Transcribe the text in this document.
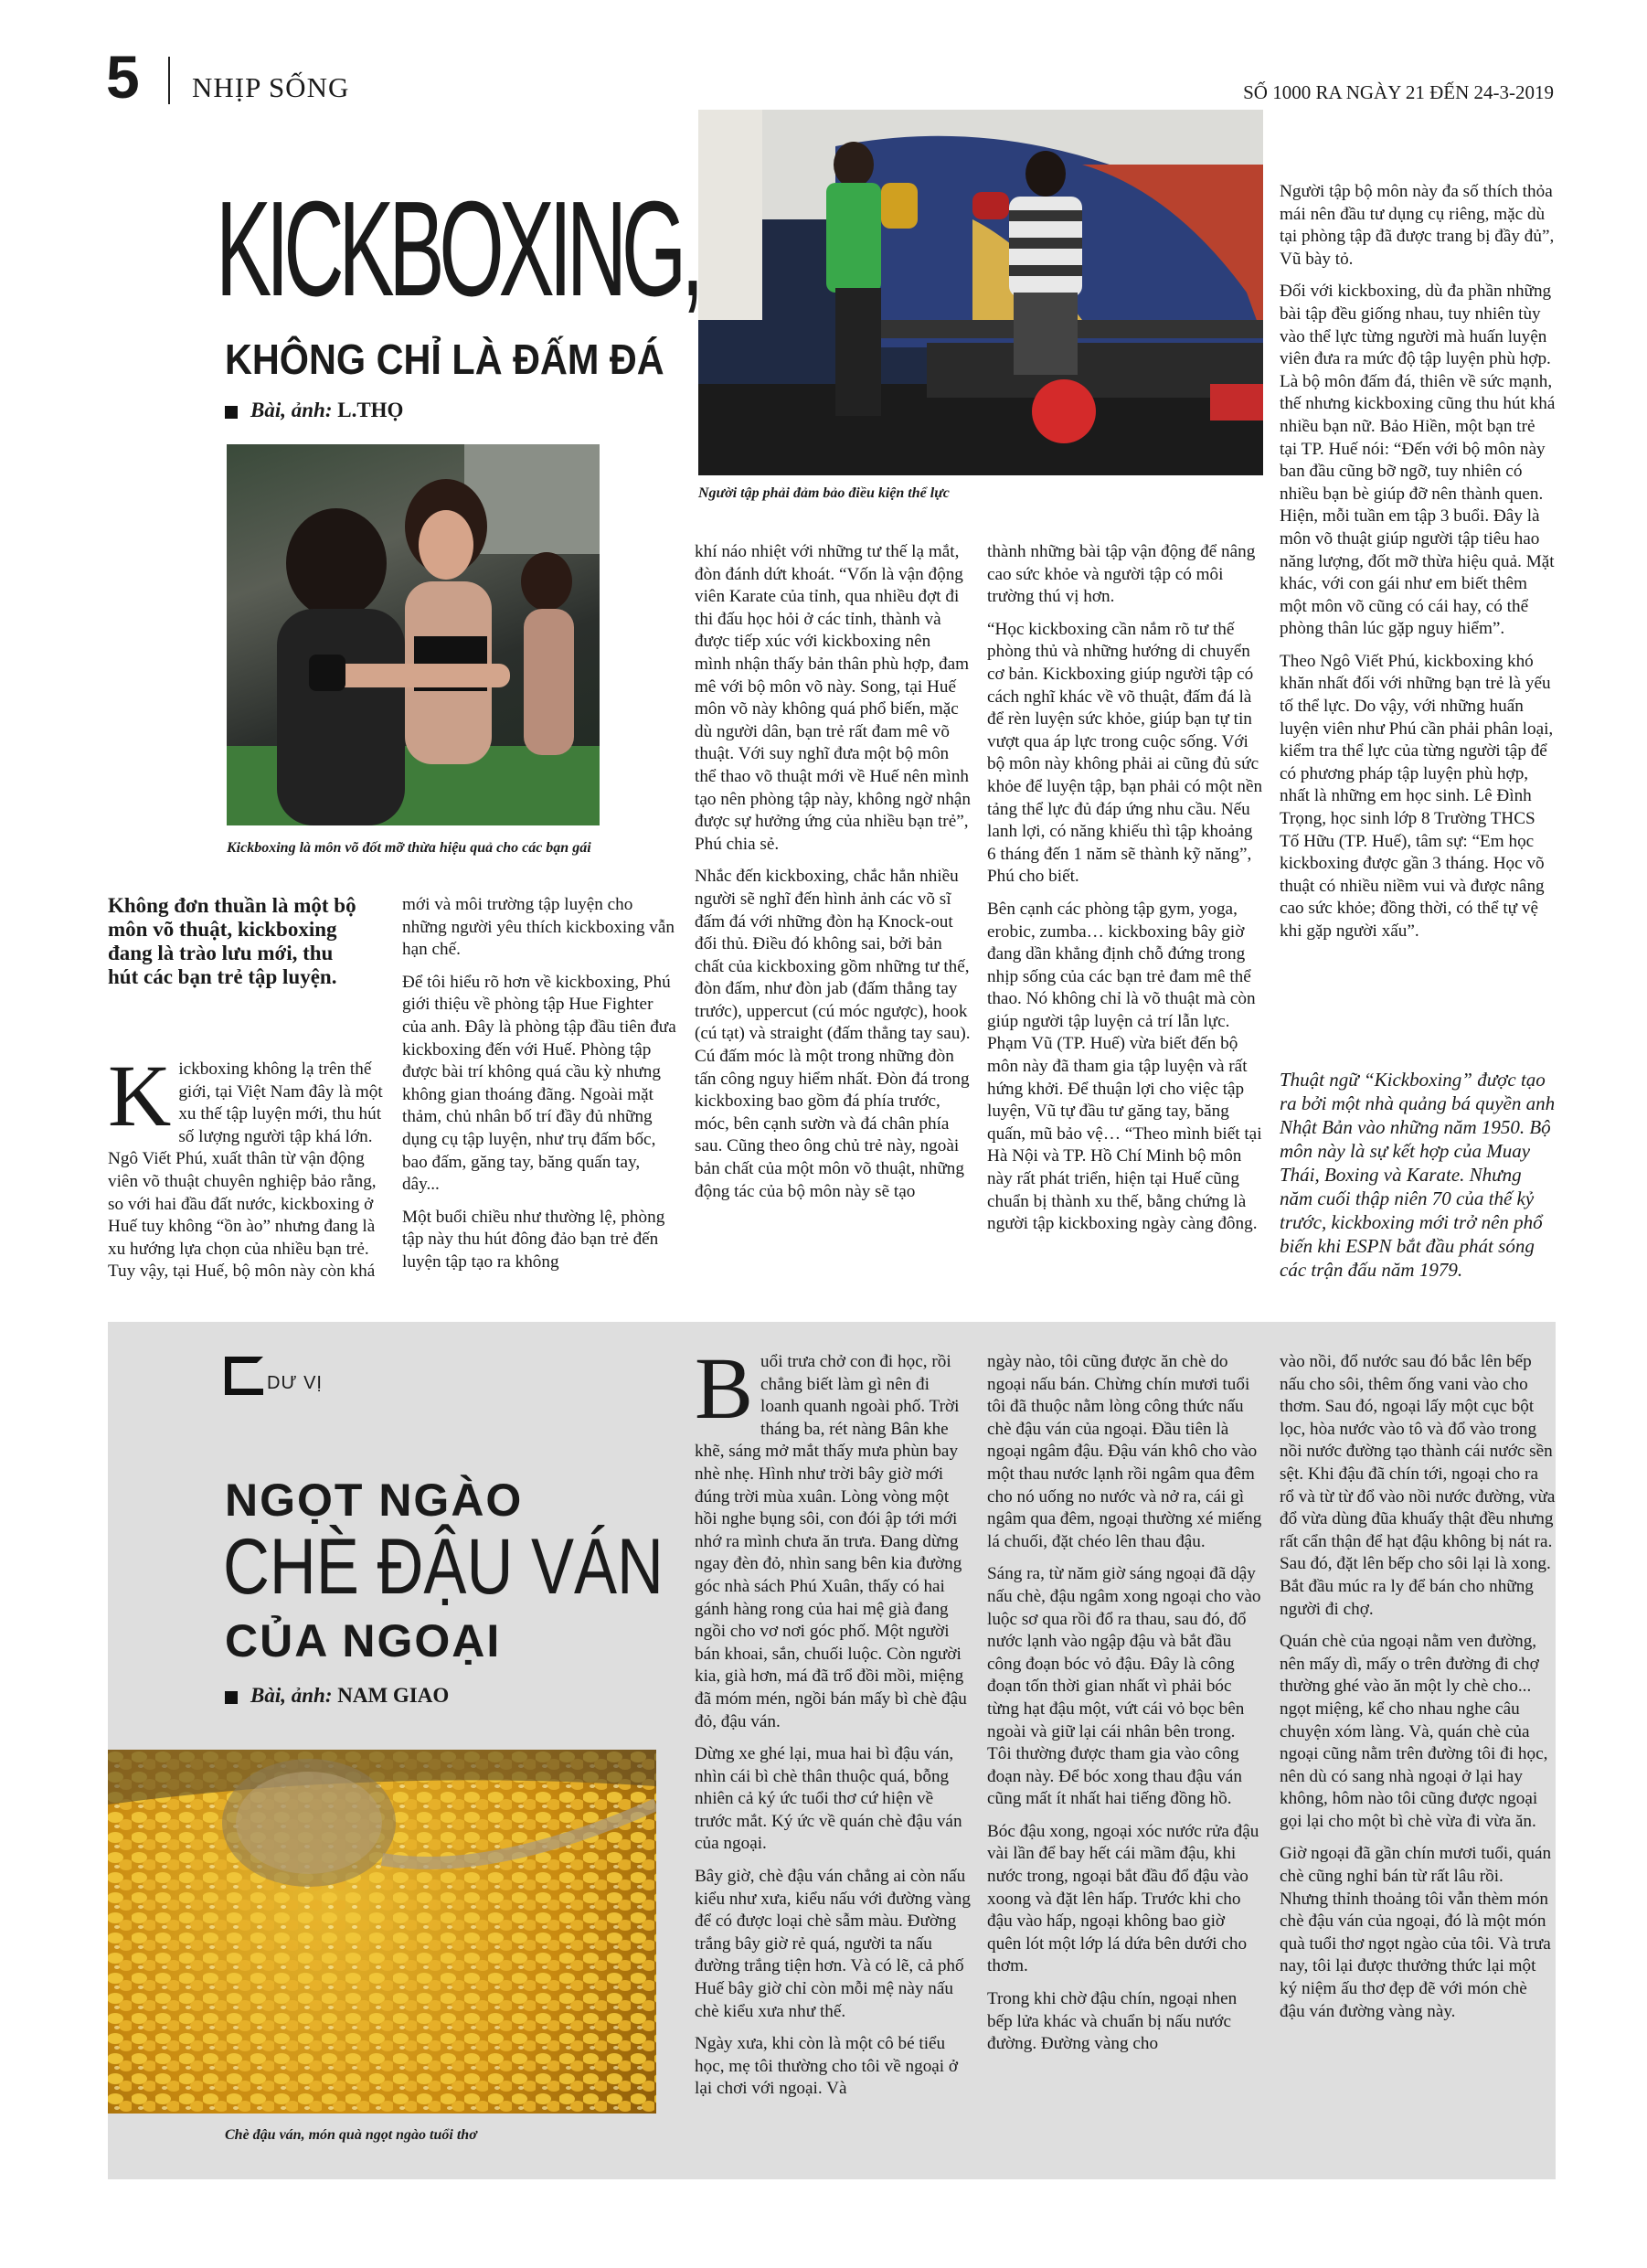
5 NHỊP SỐNG	SỐ 1000 RA NGÀY 21 ĐẾN 24-3-2019
KICKBOXING,
KHÔNG CHỈ LÀ ĐẤM ĐÁ
Bài, ảnh: L.THỌ
Kickboxing là môn võ đốt mỡ thừa hiệu quả cho các bạn gái
Người tập phải đảm bảo điều kiện thể lực
Không đơn thuần là một bộ môn võ thuật, kickboxing đang là trào lưu mới, thu hút các bạn trẻ tập luyện.

Kickboxing không lạ trên thế giới, tại Việt Nam đây là một xu thế tập luyện mới, thu hút số lượng người tập khá lớn. Ngô Viết Phú, xuất thân từ vận động viên võ thuật chuyên nghiệp bảo rằng, so với hai đầu đất nước, kickboxing ở Huế tuy không “ồn ào” nhưng đang là xu hướng lựa chọn của nhiều bạn trẻ. Tuy vậy, tại Huế, bộ môn này còn khá

mới và môi trường tập luyện cho những người yêu thích kickboxing vẫn hạn chế.

Để tôi hiểu rõ hơn về kickboxing, Phú giới thiệu về phòng tập Hue Fighter của anh. Đây là phòng tập đầu tiên đưa kickboxing đến với Huế. Phòng tập được bài trí không quá cầu kỳ nhưng không gian thoáng đãng. Ngoài mặt thảm, chủ nhân bố trí đầy đủ những dụng cụ tập luyện, như trụ đấm bốc, bao đấm, găng tay, băng quấn tay, dây...

Một buổi chiều như thường lệ, phòng tập này thu hút đông đảo bạn trẻ đến luyện tập tạo ra không

khí náo nhiệt với những tư thế lạ mắt, đòn đánh dứt khoát. “Vốn là vận động viên Karate của tỉnh, qua nhiều đợt đi thi đấu học hỏi ở các tỉnh, thành và được tiếp xúc với kickboxing nên mình nhận thấy bản thân phù hợp, đam mê với bộ môn võ này. Song, tại Huế môn võ này không quá phổ biến, mặc dù người dân, bạn trẻ rất đam mê võ thuật. Với suy nghĩ đưa một bộ môn thể thao võ thuật mới về Huế nên mình tạo nên phòng tập này, không ngờ nhận được sự hưởng ứng của nhiều bạn trẻ”, Phú chia sẻ.

Nhắc đến kickboxing, chắc hẳn nhiều người sẽ nghĩ đến hình ảnh các võ sĩ đấm đá với những đòn hạ Knock-out đối thủ. Điều đó không sai, bởi bản chất của kickboxing gồm những tư thế, đòn đấm, như đòn jab (đấm thẳng tay trước), uppercut (cú móc ngược), hook (cú tạt) và straight (đấm thẳng tay sau). Cú đấm móc là một trong những đòn tấn công nguy hiểm nhất. Đòn đá trong kickboxing bao gồm đá phía trước, móc, bên cạnh sườn và đá chân phía sau. Cũng theo ông chủ trẻ này, ngoài bản chất của một môn võ thuật, những động tác của bộ môn này sẽ tạo

thành những bài tập vận động để nâng cao sức khỏe và người tập có môi trường thú vị hơn.

“Học kickboxing cần nắm rõ tư thế phòng thủ và những hướng di chuyển cơ bản. Kickboxing giúp người tập có cách nghĩ khác về võ thuật, đấm đá là để rèn luyện sức khỏe, giúp bạn tự tin vượt qua áp lực trong cuộc sống. Với bộ môn này không phải ai cũng đủ sức khỏe để luyện tập, bạn phải có một nền tảng thể lực đủ đáp ứng nhu cầu. Nếu lanh lợi, có năng khiếu thì tập khoảng 6 tháng đến 1 năm sẽ thành kỹ năng”, Phú cho biết.

Bên cạnh các phòng tập gym, yoga, erobic, zumba… kickboxing bây giờ đang dần khẳng định chỗ đứng trong nhịp sống của các bạn trẻ đam mê thể thao. Nó không chỉ là võ thuật mà còn giúp người tập luyện cả trí lẫn lực. Phạm Vũ (TP. Huế) vừa biết đến bộ môn này đã tham gia tập luyện và rất hứng khởi. Để thuận lợi cho việc tập luyện, Vũ tự đầu tư găng tay, băng quấn, mũ bảo vệ… “Theo mình biết tại Hà Nội và TP. Hồ Chí Minh bộ môn này rất phát triển, hiện tại Huế cũng chuẩn bị thành xu thế, bằng chứng là người tập kickboxing ngày càng đông.

Người tập bộ môn này đa số thích thỏa mái nên đầu tư dụng cụ riêng, mặc dù tại phòng tập đã được trang bị đầy đủ”, Vũ bày tỏ.

Đối với kickboxing, dù đa phần những bài tập đều giống nhau, tuy nhiên tùy vào thể lực từng người mà huấn luyện viên đưa ra mức độ tập luyện phù hợp. Là bộ môn đấm đá, thiên về sức mạnh, thế nhưng kickboxing cũng thu hút khá nhiều bạn nữ. Bảo Hiền, một bạn trẻ tại TP. Huế nói: “Đến với bộ môn này ban đầu cũng bỡ ngỡ, tuy nhiên có nhiều bạn bè giúp đỡ nên thành quen. Hiện, mỗi tuần em tập 3 buổi. Đây là môn võ thuật giúp người tập tiêu hao năng lượng, đốt mỡ thừa hiệu quả. Mặt khác, với con gái như em biết thêm một môn võ cũng có cái hay, có thể phòng thân lúc gặp nguy hiểm”.

Theo Ngô Viết Phú, kickboxing khó khăn nhất đối với những bạn trẻ là yếu tố thể lực. Do vậy, với những huấn luyện viên như Phú cần phải phân loại, kiểm tra thể lực của từng người tập để có phương pháp tập luyện phù hợp, nhất là những em học sinh. Lê Đình Trọng, học sinh lớp 8 Trường THCS Tố Hữu (TP. Huế), tâm sự: “Em học kickboxing được gần 3 tháng. Học võ thuật có nhiều niềm vui và được nâng cao sức khỏe; đồng thời, có thể tự vệ khi gặp người xấu”.

Thuật ngữ “Kickboxing” được tạo ra bởi một nhà quảng bá quyền anh Nhật Bản vào những năm 1950. Bộ môn này là sự kết hợp của Muay Thái, Boxing và Karate. Nhưng năm cuối thập niên 70 của thế kỷ trước, kickboxing mới trở nên phổ biến khi ESPN bắt đầu phát sóng các trận đấu năm 1979.
DƯ VỊ
NGỌT NGÀO
CHÈ ĐẬU VÁN
CỦA NGOẠI
Bài, ảnh: NAM GIAO
Chè đậu ván, món quà ngọt ngào tuổi thơ

Buổi trưa chở con đi học, rồi chẳng biết làm gì nên đi loanh quanh ngoài phố. Trời tháng ba, rét nàng Bân khe khẽ, sáng mở mắt thấy mưa phùn bay nhè nhẹ. Hình như trời bây giờ mới đúng trời mùa xuân. Lòng vòng một hồi nghe bụng sôi, con đói ập tới mới nhớ ra mình chưa ăn trưa. Đang dừng ngay đèn đỏ, nhìn sang bên kia đường góc nhà sách Phú Xuân, thấy có hai gánh hàng rong của hai mệ già đang ngồi cho vơ nơi góc phố. Một người bán khoai, sắn, chuối luộc. Còn người kia, già hơn, má đã trổ đồi mồi, miệng đã móm mén, ngồi bán mấy bì chè đậu đỏ, đậu ván.

Dừng xe ghé lại, mua hai bì đậu ván, nhìn cái bì chè thân thuộc quá, bỗng nhiên cả ký ức tuổi thơ cứ hiện về trước mắt. Ký ức về quán chè đậu ván của ngoại.

Bây giờ, chè đậu ván chẳng ai còn nấu kiểu như xưa, kiểu nấu với đường vàng để có được loại chè sẫm màu. Đường trắng bây giờ rẻ quá, người ta nấu đường trắng tiện hơn. Và có lẽ, cả phố Huế bây giờ chỉ còn mỗi mệ này nấu chè kiểu xưa như thế.

Ngày xưa, khi còn là một cô bé tiểu học, mẹ tôi thường cho tôi về ngoại ở lại chơi với ngoại. Và

ngày nào, tôi cũng được ăn chè do ngoại nấu bán. Chừng chín mươi tuổi tôi đã thuộc nằm lòng công thức nấu chè đậu ván của ngoại. Đầu tiên là ngoại ngâm đậu. Đậu ván khô cho vào một thau nước lạnh rồi ngâm qua đêm cho nó uống no nước và nở ra, cái gì ngâm qua đêm, ngoại thường xé miếng lá chuối, đặt chéo lên thau đậu.

Sáng ra, từ năm giờ sáng ngoại đã dậy nấu chè, đậu ngâm xong ngoại cho vào luộc sơ qua rồi đổ ra thau, sau đó, đổ nước lạnh vào ngập đậu và bắt đầu công đoạn bóc vỏ đậu. Đây là công đoạn tốn thời gian nhất vì phải bóc từng hạt đậu một, vứt cái vỏ bọc bên ngoài và giữ lại cái nhân bên trong. Tôi thường được tham gia vào công đoạn này. Để bóc xong thau đậu ván cũng mất ít nhất hai tiếng đồng hồ.

Bóc đậu xong, ngoại xóc nước rửa đậu vài lần để bay hết cái mầm đậu, khi nước trong, ngoại bắt đầu đổ đậu vào xoong và đặt lên hấp. Trước khi cho đậu vào hấp, ngoại không bao giờ quên lót một lớp lá dứa bên dưới cho thơm.

Trong khi chờ đậu chín, ngoại nhen bếp lửa khác và chuẩn bị nấu nước đường. Đường vàng cho

vào nồi, đổ nước sau đó bắc lên bếp nấu cho sôi, thêm ống vani vào cho thơm. Sau đó, ngoại lấy một cục bột lọc, hòa nước vào tô và đổ vào trong nồi nước đường tạo thành cái nước sền sệt. Khi đậu đã chín tới, ngoại cho ra rổ và từ từ đổ vào nồi nước đường, vừa đổ vừa dùng đũa khuấy thật đều nhưng rất cẩn thận để hạt đậu không bị nát ra. Sau đó, đặt lên bếp cho sôi lại là xong. Bắt đầu múc ra ly để bán cho những người đi chợ.

Quán chè của ngoại nằm ven đường, nên mấy dì, mấy o trên đường đi chợ thường ghé vào ăn một ly chè cho... ngọt miệng, kể cho nhau nghe câu chuyện xóm làng. Và, quán chè của ngoại cũng nằm trên đường tôi đi học, nên dù có sang nhà ngoại ở lại hay không, hôm nào tôi cũng được ngoại gọi lại cho một bì chè vừa đi vừa ăn.

Giờ ngoại đã gần chín mươi tuổi, quán chè cũng nghỉ bán từ rất lâu rồi. Nhưng thỉnh thoảng tôi vẫn thèm món chè đậu ván của ngoại, đó là một món quà tuổi thơ ngọt ngào của tôi. Và trưa nay, tôi lại được thưởng thức lại một ký niệm ấu thơ đẹp đẽ với món chè đậu ván đường vàng này.
